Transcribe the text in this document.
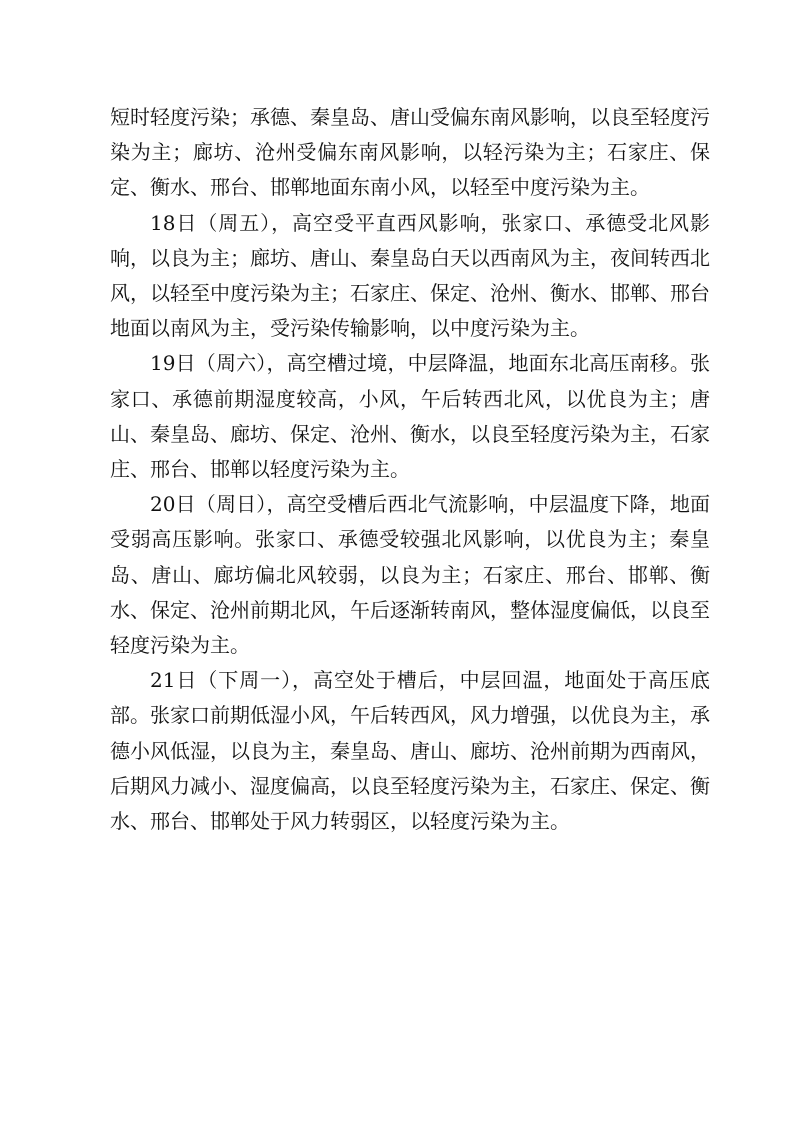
短时轻度污染；承德、秦皇岛、唐山受偏东南风影响，以良至轻度污染为主；廊坊、沧州受偏东南风影响，以轻污染为主；石家庄、保定、衡水、邢台、邯郸地面东南小风，以轻至中度污染为主。

18日（周五），高空受平直西风影响，张家口、承德受北风影响，以良为主；廊坊、唐山、秦皇岛白天以西南风为主，夜间转西北风，以轻至中度污染为主；石家庄、保定、沧州、衡水、邯郸、邢台地面以南风为主，受污染传输影响，以中度污染为主。

19日（周六），高空槽过境，中层降温，地面东北高压南移。张家口、承德前期湿度较高，小风，午后转西北风，以优良为主；唐山、秦皇岛、廊坊、保定、沧州、衡水，以良至轻度污染为主，石家庄、邢台、邯郸以轻度污染为主。

20日（周日），高空受槽后西北气流影响，中层温度下降，地面受弱高压影响。张家口、承德受较强北风影响，以优良为主；秦皇岛、唐山、廊坊偏北风较弱，以良为主；石家庄、邢台、邯郸、衡水、保定、沧州前期北风，午后逐渐转南风，整体湿度偏低，以良至轻度污染为主。

21日（下周一），高空处于槽后，中层回温，地面处于高压底部。张家口前期低湿小风，午后转西风，风力增强，以优良为主，承德小风低湿，以良为主，秦皇岛、唐山、廊坊、沧州前期为西南风，后期风力减小、湿度偏高，以良至轻度污染为主，石家庄、保定、衡水、邢台、邯郸处于风力转弱区，以轻度污染为主。
